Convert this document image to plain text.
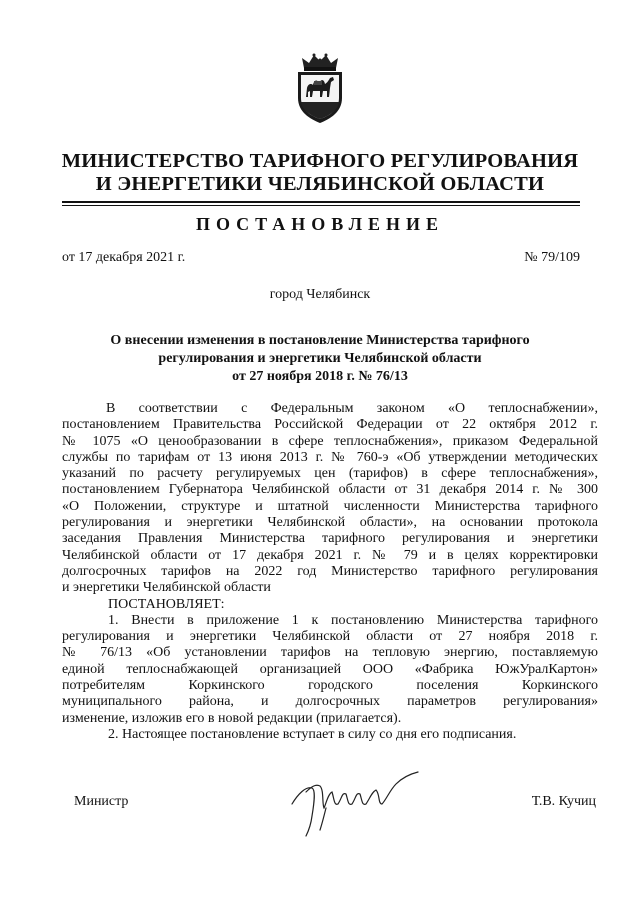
МИНИСТЕРСТВО ТАРИФНОГО РЕГУЛИРОВАНИЯ
И ЭНЕРГЕТИКИ ЧЕЛЯБИНСКОЙ ОБЛАСТИ
ПОСТАНОВЛЕНИЕ
от 17 декабря 2021 г.	№ 79/109
город Челябинск
О внесении изменения в постановление Министерства тарифного
регулирования и энергетики Челябинской области
от 27 ноября 2018 г. № 76/13

В соответствии с Федеральным законом «О теплоснабжении»,

постановлением Правительства Российской Федерации от 22 октября 2012 г.

№ 1075 «О ценообразовании в сфере теплоснабжения», приказом Федеральной

службы по тарифам от 13 июня 2013 г. № 760-э «Об утверждении методических

указаний по расчету регулируемых цен (тарифов) в сфере теплоснабжения»,

постановлением Губернатора Челябинской области от 31 декабря 2014 г. № 300

«О Положении, структуре и штатной численности Министерства тарифного

регулирования и энергетики Челябинской области», на основании протокола

заседания Правления Министерства тарифного регулирования и энергетики

Челябинской области от 17 декабря 2021 г. № 79 и в целях корректировки

долгосрочных тарифов на 2022 год Министерство тарифного регулирования

и энергетики Челябинской области

ПОСТАНОВЛЯЕТ:

1. Внести в приложение 1 к постановлению Министерства тарифного

регулирования и энергетики Челябинской области от 27 ноября 2018 г.

№ 76/13 «Об установлении тарифов на тепловую энергию, поставляемую

единой теплоснабжающей организацией ООО «Фабрика ЮжУралКартон»

потребителям Коркинского городского поселения Коркинского

муниципального района, и долгосрочных параметров регулирования»

изменение, изложив его в новой редакции (прилагается).

2. Настоящее постановление вступает в силу со дня его подписания.

Министр	Т.В. Кучиц
